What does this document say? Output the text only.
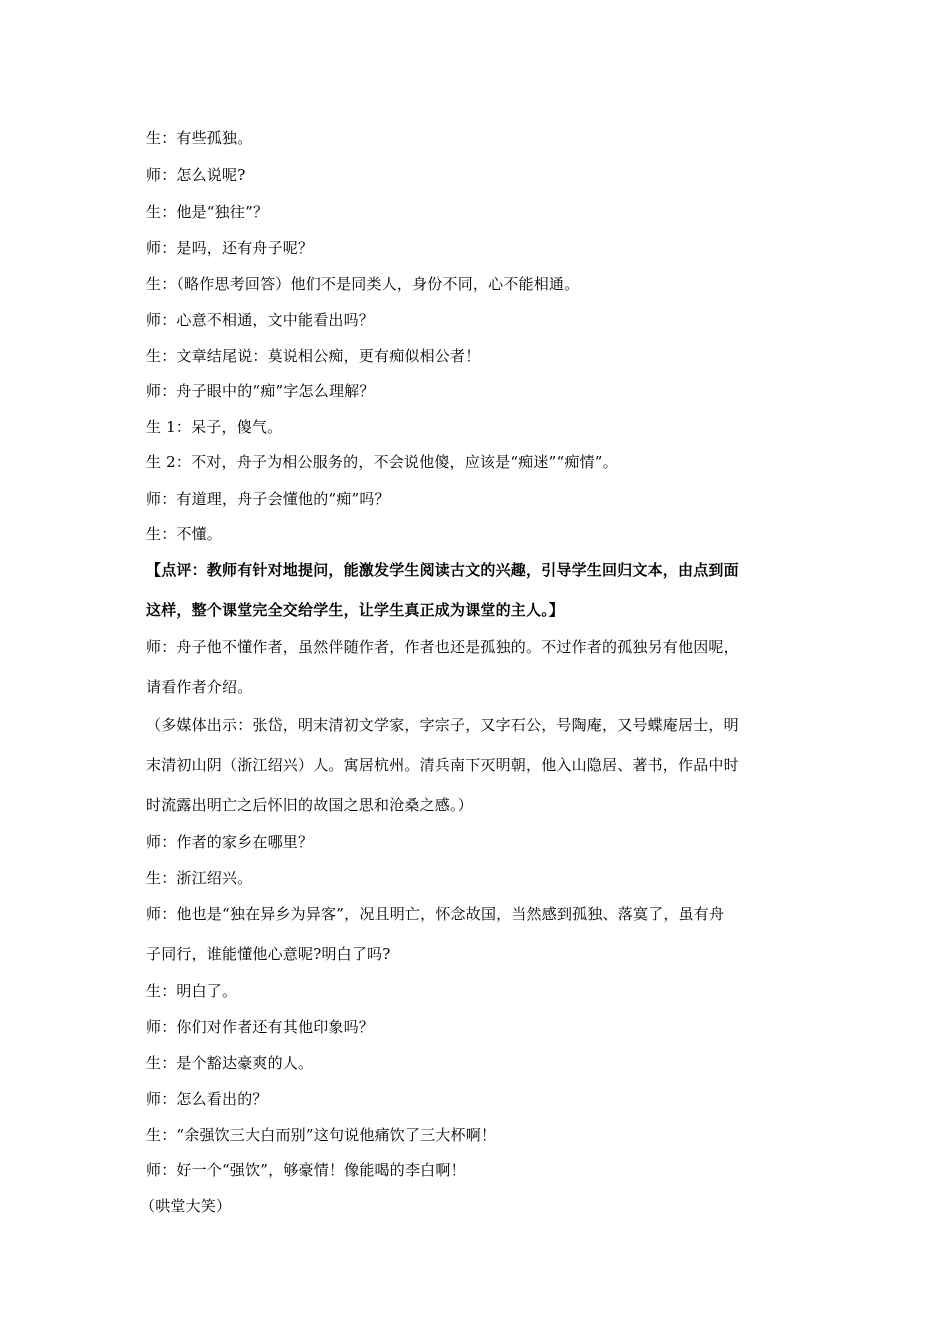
生：有些孤独。
师：怎么说呢?
生：他是“独往”？
师：是吗，还有舟子呢？
生：（略作思考回答）他们不是同类人，身份不同，心不能相通。
师：心意不相通，文中能看出吗？
生：文章结尾说：莫说相公痴，更有痴似相公者！
师：舟子眼中的“痴”字怎么理解？
生 1：呆子，傻气。
生 2：不对，舟子为相公服务的，不会说他傻，应该是“痴迷”“痴情”。
师：有道理，舟子会懂他的“痴”吗？
生：不懂。
【点评：教师有针对地提问，能激发学生阅读古文的兴趣，引导学生回归文本，由点到面
这样，整个课堂完全交给学生，让学生真正成为课堂的主人。】
师：舟子他不懂作者，虽然伴随作者，作者也还是孤独的。不过作者的孤独另有他因呢，
请看作者介绍。
（多媒体出示：张岱，明末清初文学家，字宗子，又字石公，号陶庵，又号蝶庵居士，明
末清初山阴（浙江绍兴）人。寓居杭州。清兵南下灭明朝，他入山隐居、著书，作品中时
时流露出明亡之后怀旧的故国之思和沧桑之感。）
师：作者的家乡在哪里？
生：浙江绍兴。
师：他也是“独在异乡为异客”，况且明亡，怀念故国，当然感到孤独、落寞了，虽有舟
子同行，谁能懂他心意呢?明白了吗?
生：明白了。
师：你们对作者还有其他印象吗？
生：是个豁达豪爽的人。
师：怎么看出的？
生：“余强饮三大白而别”这句说他痛饮了三大杯啊！
师：好一个“强饮”，够豪情！像能喝的李白啊！
（哄堂大笑）
